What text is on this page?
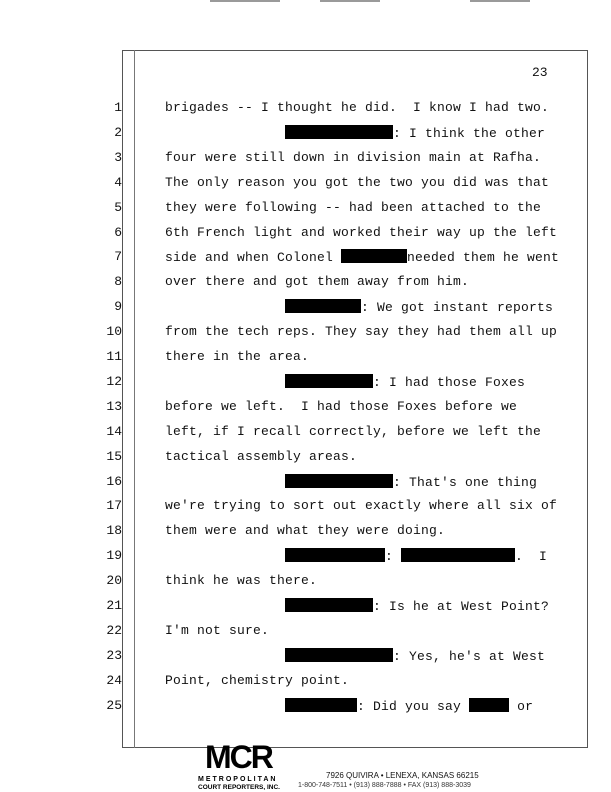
23
1	brigades -- I thought he did.  I know I had two.
2	: I think the other
3	four were still down in division main at Rafha.
4	The only reason you got the two you did was that
5	they were following -- had been attached to the
6	6th French light and worked their way up the left
7	side and when Colonel	needed them he went
8	over there and got them away from him.
9	: We got instant reports
10	from the tech reps. They say they had them all up
11	there in the area.
12	: I had those Foxes
13	before we left.  I had those Foxes before we
14	left, if I recall correctly, before we left the
15	tactical assembly areas.
16	: That's one thing
17	we're trying to sort out exactly where all six of
18	them were and what they were doing.
19	:	.  I
20	think he was there.
21	: Is he at West Point?
22	I'm not sure.
23	: Yes, he's at West
24	Point, chemistry point.
25	: Did you say	or
MCR
METROPOLITAN
COURT REPORTERS, INC.
7926 QUIVIRA • LENEXA, KANSAS 66215
1-800-748-7511 • (913) 888-7888 • FAX (913) 888-3039
